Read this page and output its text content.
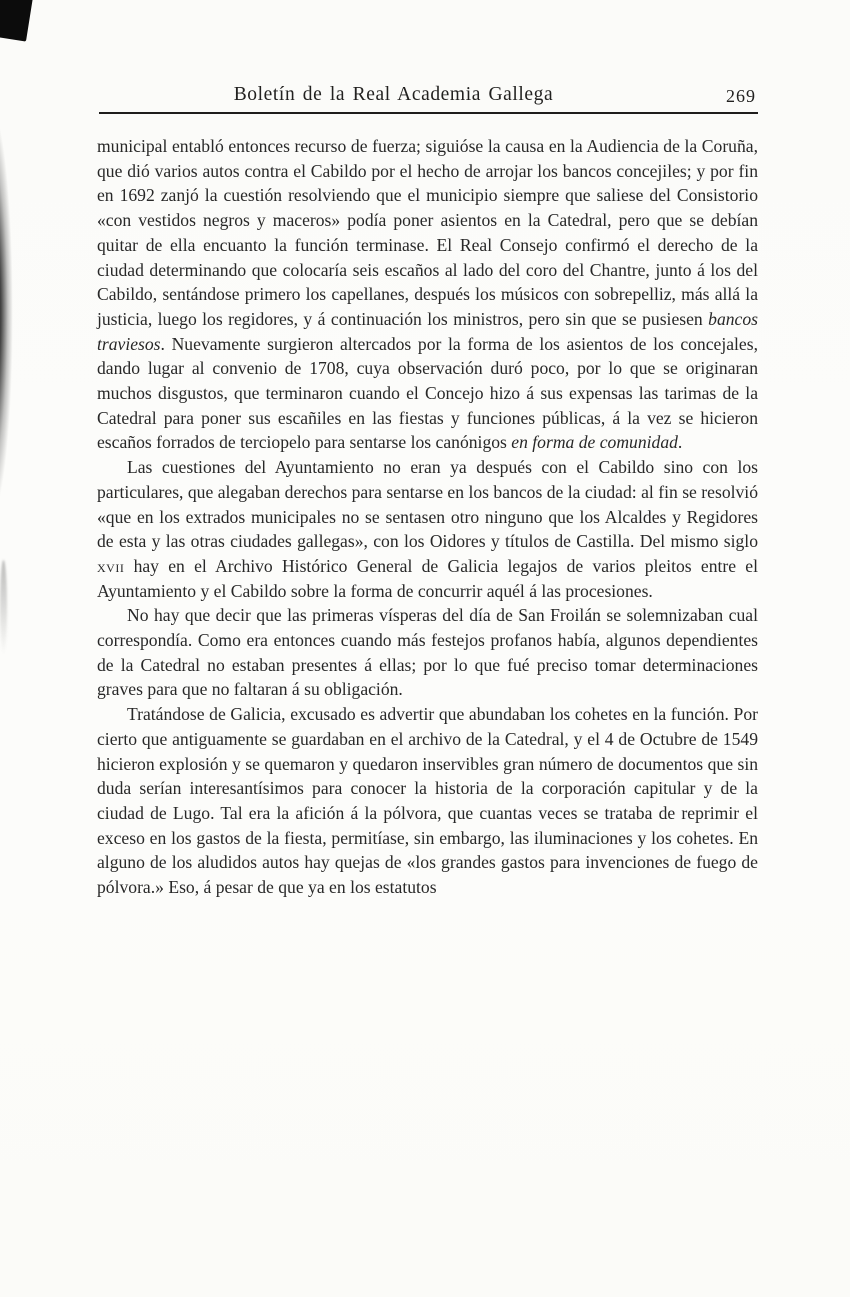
Boletín de la Real Academia Gallega	269

municipal entabló entonces recurso de fuerza; siguióse la causa en la Audiencia de la Coruña, que dió varios autos contra el Cabildo por el hecho de arrojar los bancos concejiles; y por fin en 1692 zanjó la cuestión resolviendo que el municipio siempre que saliese del Consistorio «con vestidos negros y maceros» podía poner asientos en la Catedral, pero que se debían quitar de ella encuanto la función terminase. El Real Consejo confirmó el derecho de la ciudad determinando que colocaría seis escaños al lado del coro del Chantre, junto á los del Cabildo, sentándose primero los capellanes, después los músicos con sobrepelliz, más allá la justicia, luego los regidores, y á continuación los ministros, pero sin que se pusiesen bancos traviesos. Nuevamente surgieron altercados por la forma de los asientos de los concejales, dando lugar al convenio de 1708, cuya observación duró poco, por lo que se originaran muchos disgustos, que terminaron cuando el Concejo hizo á sus expensas las tarimas de la Catedral para poner sus escañiles en las fiestas y funciones públicas, á la vez se hicieron escaños forrados de terciopelo para sentarse los canónigos en forma de comunidad.

Las cuestiones del Ayuntamiento no eran ya después con el Cabildo sino con los particulares, que alegaban derechos para sentarse en los bancos de la ciudad: al fin se resolvió «que en los extrados municipales no se sentasen otro ninguno que los Alcaldes y Regidores de esta y las otras ciudades gallegas», con los Oidores y títulos de Castilla. Del mismo siglo xvii hay en el Archivo Histórico General de Galicia legajos de varios pleitos entre el Ayuntamiento y el Cabildo sobre la forma de concurrir aquél á las procesiones.

No hay que decir que las primeras vísperas del día de San Froilán se solemnizaban cual correspondía. Como era entonces cuando más festejos profanos había, algunos dependientes de la Catedral no estaban presentes á ellas; por lo que fué preciso tomar determinaciones graves para que no faltaran á su obligación.

Tratándose de Galicia, excusado es advertir que abundaban los cohetes en la función. Por cierto que antiguamente se guardaban en el archivo de la Catedral, y el 4 de Octubre de 1549 hicieron explosión y se quemaron y quedaron inservibles gran número de documentos que sin duda serían interesantísimos para conocer la historia de la corporación capitular y de la ciudad de Lugo. Tal era la afición á la pólvora, que cuantas veces se trataba de reprimir el exceso en los gastos de la fiesta, permitíase, sin embargo, las iluminaciones y los cohetes. En alguno de los aludidos autos hay quejas de «los grandes gastos para invenciones de fuego de pólvora.» Eso, á pesar de que ya en los estatutos
